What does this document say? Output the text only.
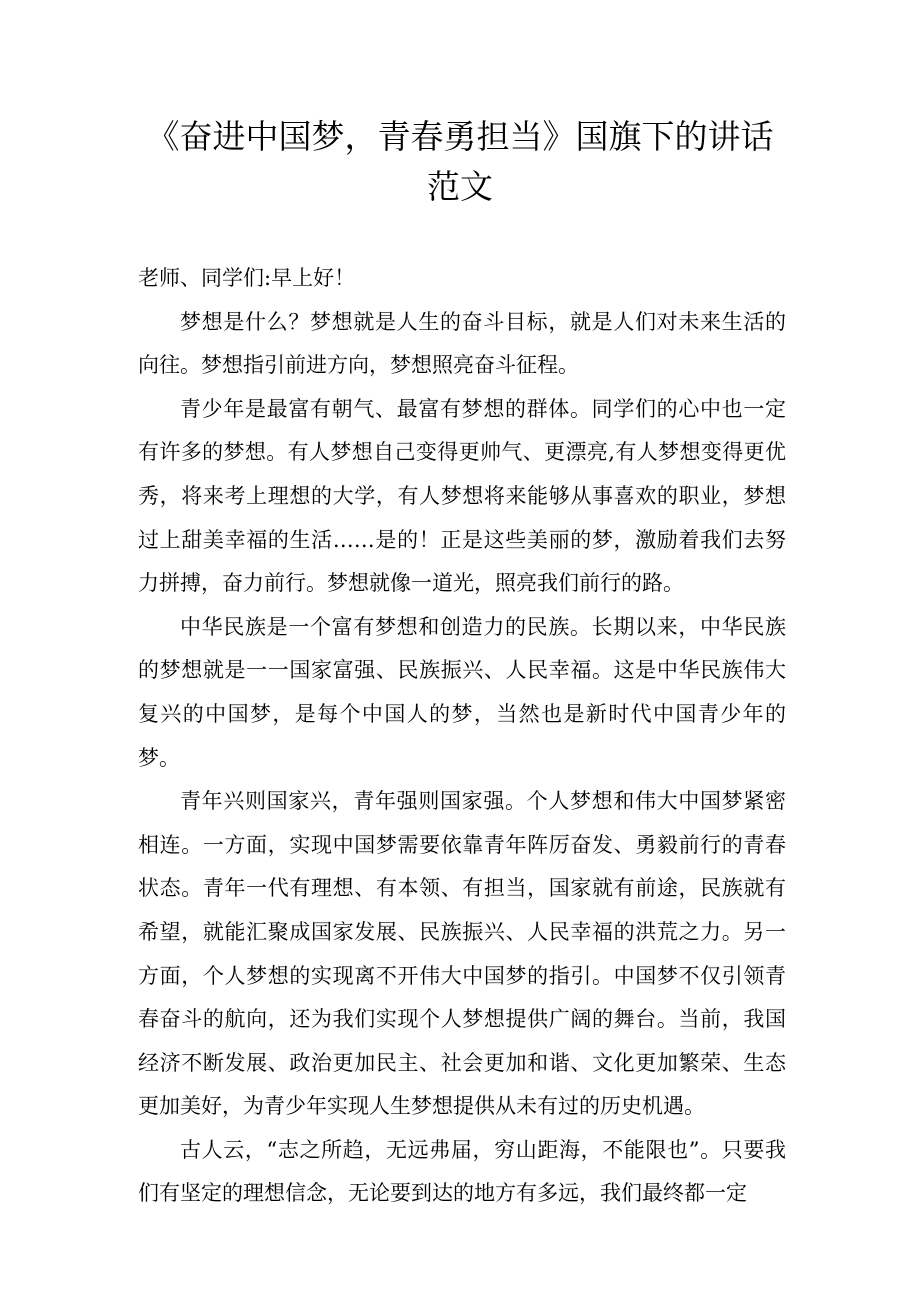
《奋进中国梦，青春勇担当》国旗下的讲话
范文

老师、同学们:早上好！

梦想是什么？梦想就是人生的奋斗目标，就是人们对未来生活的向往。梦想指引前进方向，梦想照亮奋斗征程。

青少年是最富有朝气、最富有梦想的群体。同学们的心中也一定有许多的梦想。有人梦想自己变得更帅气、更漂亮,有人梦想变得更优秀，将来考上理想的大学，有人梦想将来能够从事喜欢的职业，梦想过上甜美幸福的生活……是的！正是这些美丽的梦，激励着我们去努力拼搏，奋力前行。梦想就像一道光，照亮我们前行的路。

中华民族是一个富有梦想和创造力的民族。长期以来，中华民族的梦想就是一一国家富强、民族振兴、人民幸福。这是中华民族伟大复兴的中国梦，是每个中国人的梦，当然也是新时代中国青少年的梦。

青年兴则国家兴，青年强则国家强。个人梦想和伟大中国梦紧密相连。一方面，实现中国梦需要依靠青年阵厉奋发、勇毅前行的青春状态。青年一代有理想、有本领、有担当，国家就有前途，民族就有希望，就能汇聚成国家发展、民族振兴、人民幸福的洪荒之力。另一方面，个人梦想的实现离不开伟大中国梦的指引。中国梦不仅引领青春奋斗的航向，还为我们实现个人梦想提供广阔的舞台。当前，我国经济不断发展、政治更加民主、社会更加和谐、文化更加繁荣、生态更加美好，为青少年实现人生梦想提供从未有过的历史机遇。

古人云，“志之所趋，无远弗届，穷山距海，不能限也”。只要我们有坚定的理想信念，无论要到达的地方有多远，我们最终都一定
